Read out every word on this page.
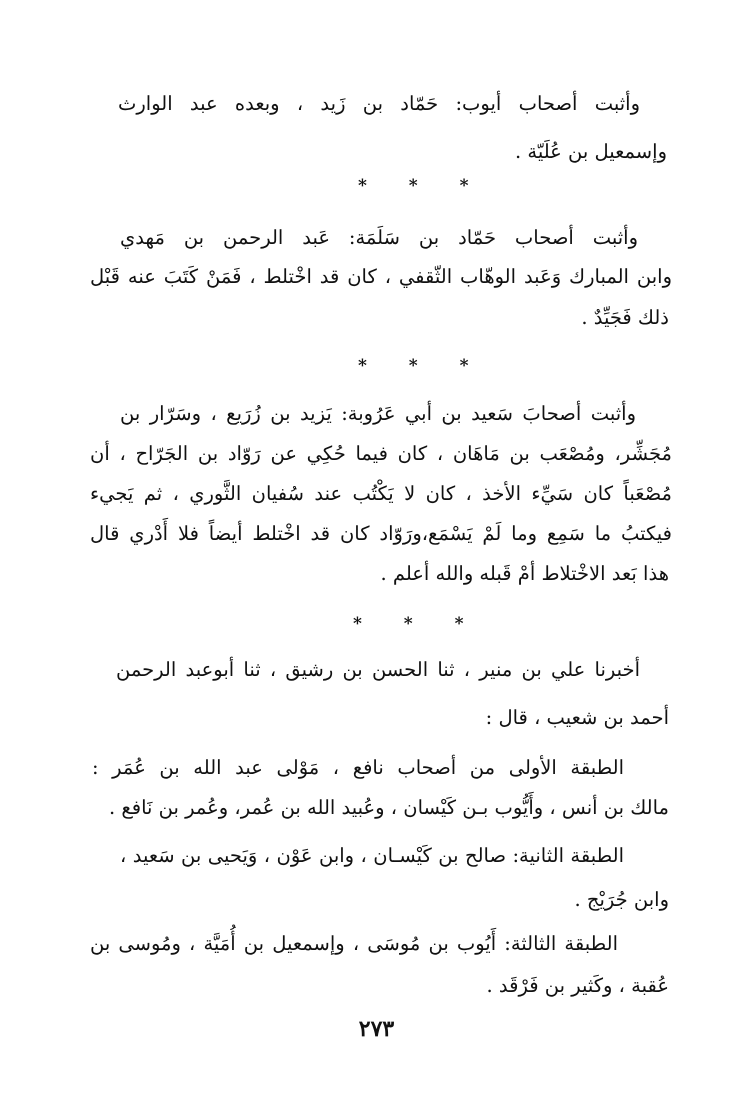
وأثبت أصحاب أيوب: حَمّاد بن زَيد ، وبعده عبد الوارث
وإسمعيل بن عُلَيّة .
* * *
وأثبت أصحاب حَمّاد بن سَلَمَة: عَبد الرحمن بن مَهدي
وابن المبارك وَعَبد الوهّاب الثّقفي ، كان قد اخْتلط ، فَمَنْ كَتَبَ عنه قَبْل
ذلك فَجَيِّدٌ .
* * *
وأثبت أصحابَ سَعيد بن أبي عَرُوبة: يَزيد بن زُرَيع ، وسَرّار بن
مُجَشِّر، ومُصْعَب بن مَاهَان ، كان فيما حُكِي عن رَوّاد بن الجَرّاح ، أن
مُصْعَباً كان سَيِّء الأخذ ، كان لا يَكْتُب عند سُفيان الثَّوري ، ثم يَجيء
فيكتبُ ما سَمِع وما لَمْ يَسْمَع،ورَوّاد كان قد اخْتلط أيضاً فلا أَدْري قال
هذا بَعد الاخْتلاط أمْ قَبله والله أعلم .
* * *
أخبرنا علي بن منير ، ثنا الحسن بن رشيق ، ثنا أبوعبد الرحمن
أحمد بن شعيب ، قال :
الطبقة الأولى من أصحاب نافع ، مَوْلى عبد الله بن عُمَر :
مالك بن أنس ، وأَيُّوب بـن كَيْسان ، وعُبيد الله بن عُمر، وعُمر بن نَافع .
الطبقة الثانية: صالح بن كَيْسـان ، وابن عَوْن ، وَيَحيى بن سَعيد ،
وابن جُرَيْج .
الطبقة الثالثة: أَيُوب بن مُوسَى ، وإسمعيل بن أُمَيَّة ، ومُوسى بن
عُقبة ، وكَثير بن فَرْقَد .
٢٧٣
